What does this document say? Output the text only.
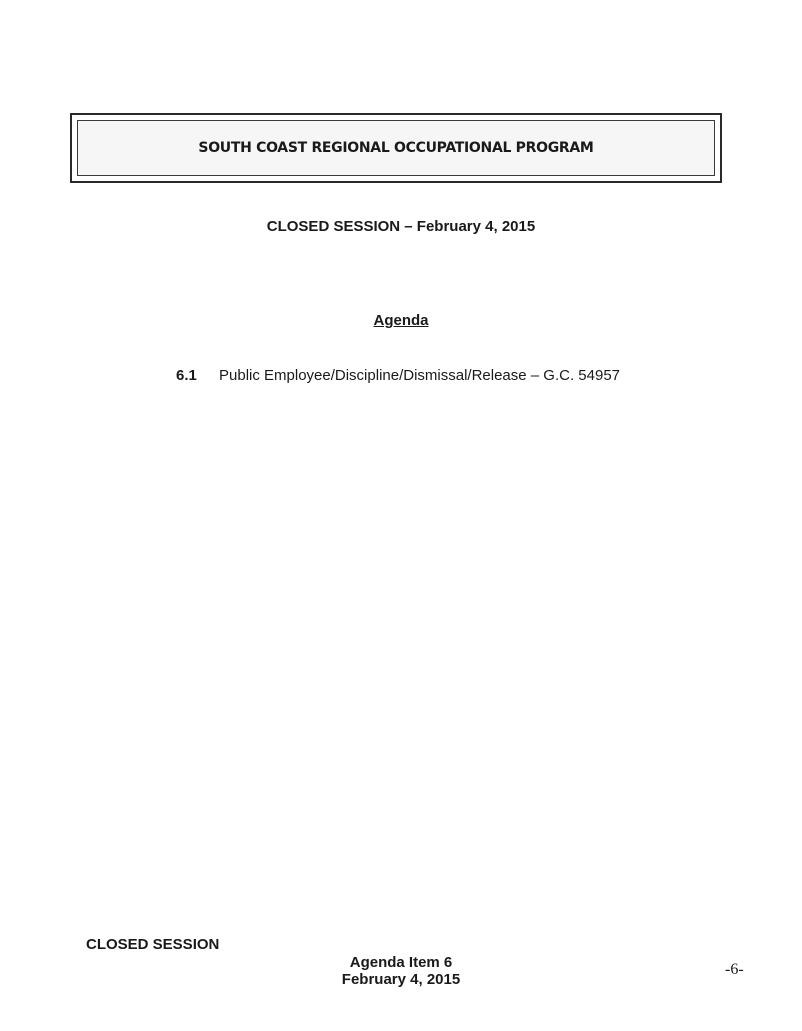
SOUTH COAST REGIONAL OCCUPATIONAL PROGRAM
CLOSED SESSION – February 4, 2015
Agenda
6.1 Public Employee/Discipline/Dismissal/Release – G.C. 54957
CLOSED SESSION
Agenda Item 6
February 4, 2015
-6-
